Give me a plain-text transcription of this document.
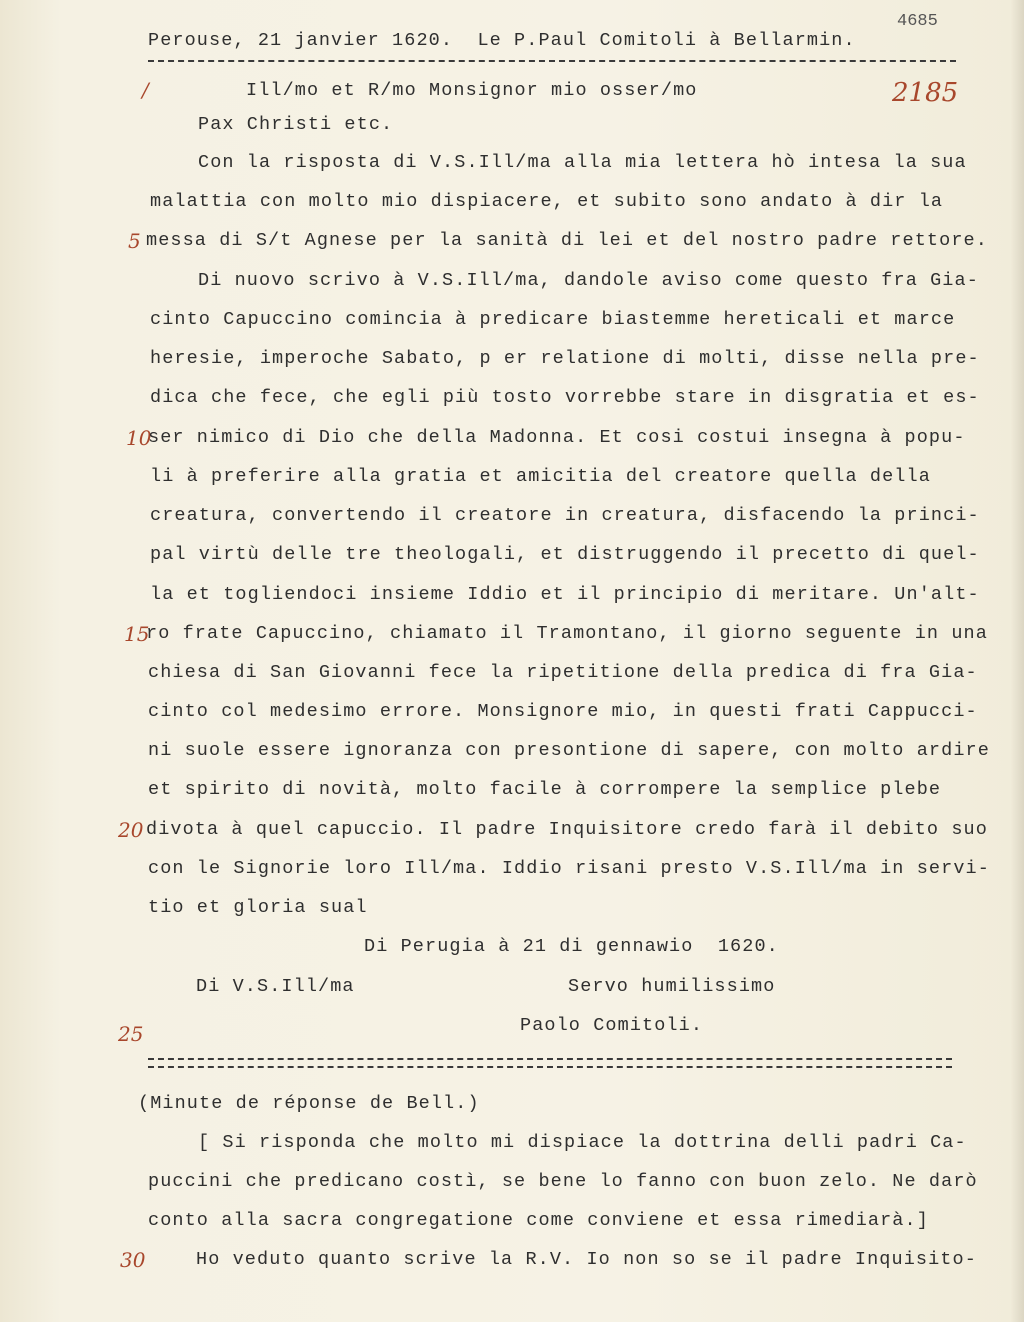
Perouse, 21 janvier 1620.  Le P.Paul Comitoli à Bellarmin.
4685
2185
/	Ill/mo et R/mo Monsignor mio osser/mo
Pax Christi etc.
Con la risposta di V.S.Ill/ma alla mia lettera hò intesa la sua
malattia con molto mio dispiacere, et subito sono andato à dir la
5 messa di S/t Agnese per la sanità di lei et del nostro padre rettore.
Di nuovo scrivo à V.S.Ill/ma, dandole aviso come questo fra Gia-
cinto Capuccino comincia à predicare biastemme hereticali et marce
heresie, imperoche Sabato, p er relatione di molti, disse nella pre-
dica che fece, che egli più tosto vorrebbe stare in disgratia et es-
10
ser nimico di Dio che della Madonna. Et cosi costui insegna à popu-
li à preferire alla gratia et amicitia del creatore quella della
creatura, convertendo il creatore in creatura, disfacendo la princi-
pal virtù delle tre theologali, et distruggendo il precetto di quel-
la et togliendoci insieme Iddio et il principio di meritare. Un'alt-
15
ro frate Capuccino, chiamato il Tramontano, il giorno seguente in una
chiesa di San Giovanni fece la ripetitione della predica di fra Gia-
cinto col medesimo errore. Monsignore mio, in questi frati Cappucci-
ni suole essere ignoranza con presontione di sapere, con molto ardire
et spirito di novità, molto facile à corrompere la semplice plebe
20 divota à quel capuccio. Il padre Inquisitore credo farà il debito suo
con le Signorie loro Ill/ma. Iddio risani presto V.S.Ill/ma in servi-
tio et gloria sual
Di Perugia à 21 di gennawio  1620.
Di V.S.Ill/ma	Servo humilissimo
25	Paolo Comitoli.
(Minute de réponse de Bell.)
[ Si risponda che molto mi dispiace la dottrina delli padri Ca-
puccini che predicano costì, se bene lo fanno con buon zelo. Ne darò
conto alla sacra congregatione come conviene et essa rimediarà.]
30	Ho veduto quanto scrive la R.V. Io non so se il padre Inquisito-
